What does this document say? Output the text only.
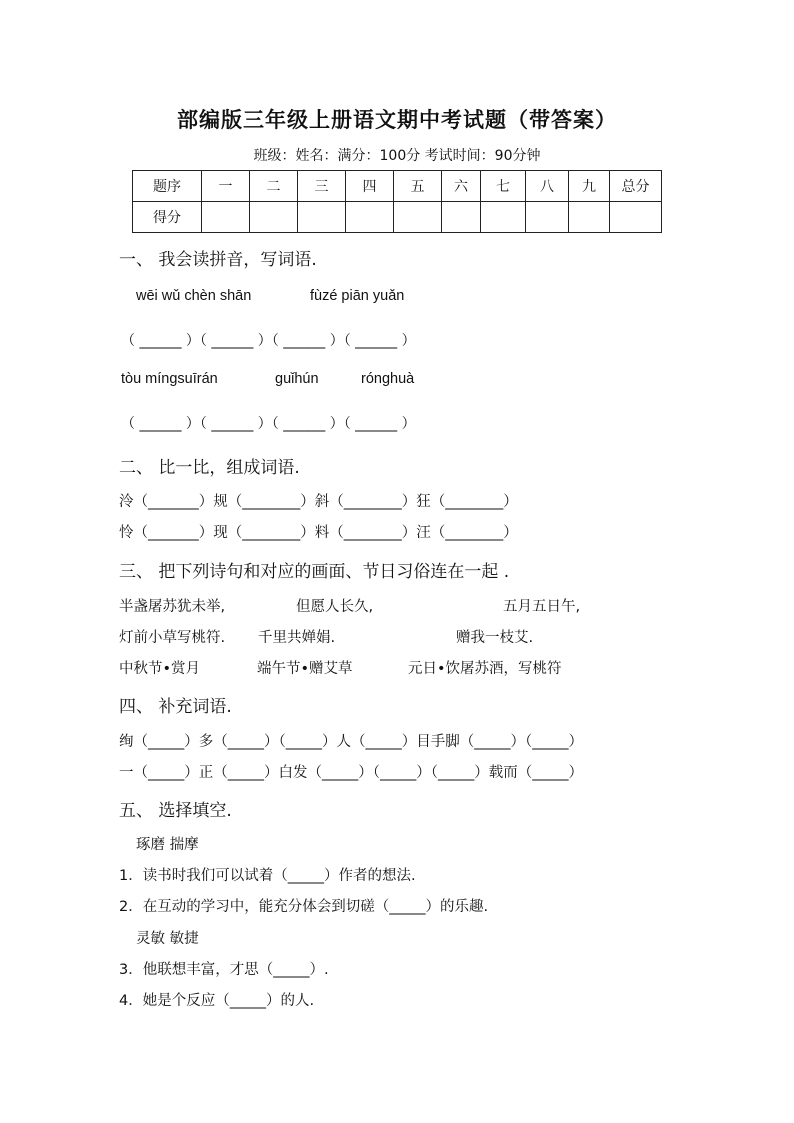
部编版三年级上册语文期中考试题（带答案）
班级：姓名：满分：100分 考试时间：90分钟
题序	一	二	三	四	五	六	七	八	九	总分
得分										
一、 我会读拼音，写词语.
wēi wǔ chèn shān	fùzé piān yuǎn
（ ______ ）（ ______ ）（ ______ ）（ ______ ）
tòu míngsuīrán	guǐhún	rónghuà
（ ______ ）（ ______ ）（ ______ ）（ ______ ）
二、 比一比，组成词语.
泠（_______）规（________）斜（________）狂（________）
怜（_______）现（________）料（________）汪（________）
三、 把下列诗句和对应的画面、节日习俗连在一起 .
半盏屠苏犹未举,	但愿人长久,	五月五日午,
灯前小草写桃符. 千里共婵娟.	赠我一枝艾.
中秋节•赏月	端午节•赠艾草	元日•饮屠苏酒，写桃符
四、 补充词语.
绚（_____）多（_____）（_____）人（_____）目手脚（_____）（_____）
一（_____）正（_____）白发（_____）（_____）（_____）载而（_____）
五、 选择填空.
琢磨 揣摩
1．读书时我们可以试着（_____）作者的想法.
2．在互动的学习中，能充分体会到切磋（_____）的乐趣.
灵敏 敏捷
3．他联想丰富，才思（_____）.
4．她是个反应（_____）的人.
